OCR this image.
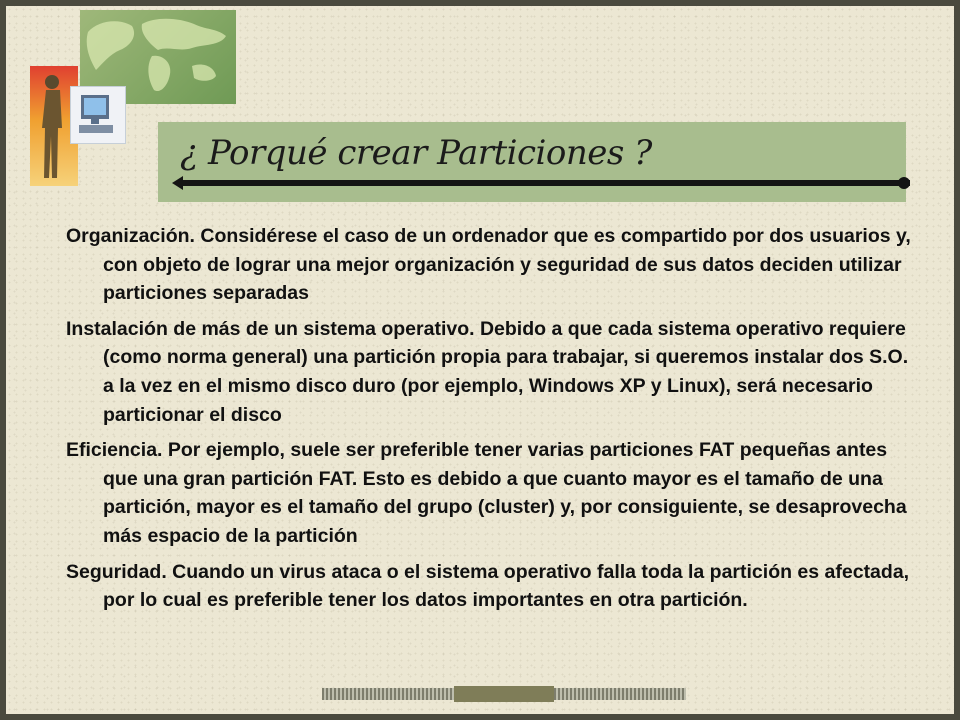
¿ Porqué crear Particiones ?

Organización. Considérese el caso de un ordenador que es compartido por dos usuarios y, con objeto de lograr una mejor organización y seguridad de sus datos deciden utilizar particiones separadas

Instalación de más de un sistema operativo. Debido a que cada sistema operativo requiere (como norma general) una partición propia para trabajar, si queremos instalar dos S.O. a la vez en el mismo disco duro (por ejemplo, Windows XP y Linux), será necesario particionar el disco

Eficiencia. Por ejemplo, suele ser preferible tener varias particiones FAT pequeñas antes que una gran partición FAT. Esto es debido a que cuanto mayor es el tamaño de una partición, mayor es el tamaño del grupo (cluster) y, por consiguiente, se desaprovecha más espacio de la partición

Seguridad. Cuando un virus ataca o el sistema operativo falla toda la partición es afectada, por lo cual es preferible tener los datos importantes en otra partición.
